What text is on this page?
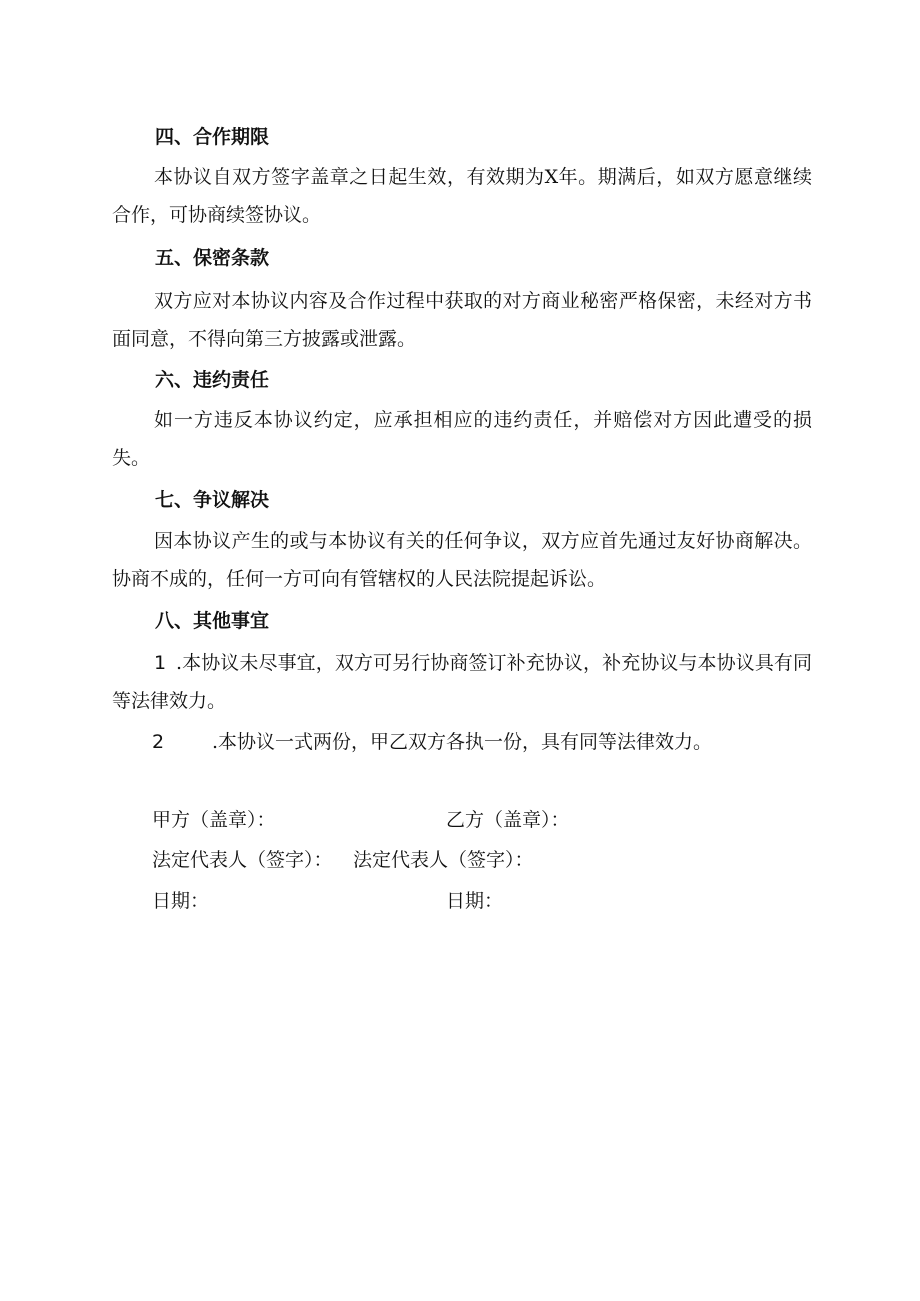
四、合作期限

本协议自双方签字盖章之日起生效，有效期为X年。期满后，如双方愿意继续合作，可协商续签协议。

五、保密条款

双方应对本协议内容及合作过程中获取的对方商业秘密严格保密，未经对方书面同意，不得向第三方披露或泄露。

六、违约责任

如一方违反本协议约定，应承担相应的违约责任，并赔偿对方因此遭受的损失。

七、争议解决

因本协议产生的或与本协议有关的任何争议，双方应首先通过友好协商解决。协商不成的，任何一方可向有管辖权的人民法院提起诉讼。

八、其他事宜
1 .本协议未尽事宜，双方可另行协商签订补充协议，补充协议与本协议具有同等法律效力。
2	.本协议一式两份，甲乙双方各执一份，具有同等法律效力。
甲方（盖章）：	乙方（盖章）：
法定代表人（签字）： 法定代表人（签字）：
日期：	日期：
